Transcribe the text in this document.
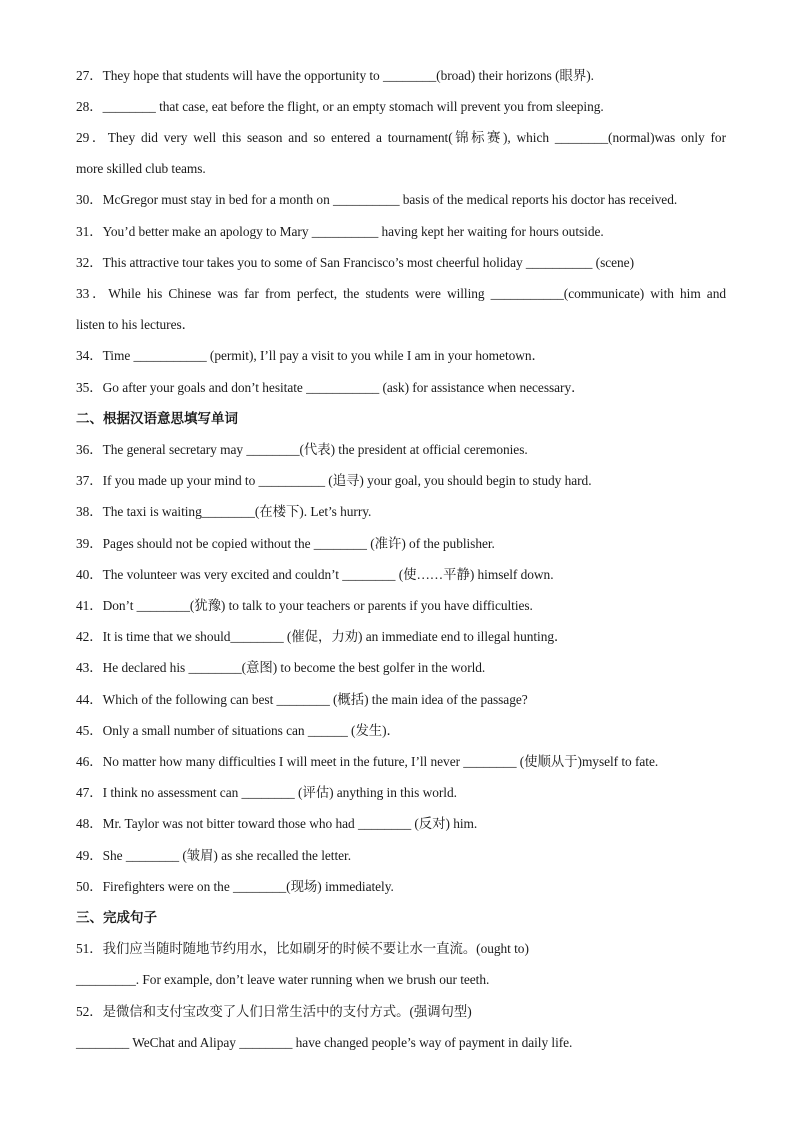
27．They hope that students will have the opportunity to ________(broad) their horizons (眼界).
28．________ that case, eat before the flight, or an empty stomach will prevent you from sleeping.
29．They did very well this season and so entered a tournament(锦标赛), which ________(normal)was only for
more skilled club teams.
30．McGregor must stay in bed for a month on __________ basis of the medical reports his doctor has received.
31．You’d better make an apology to Mary __________ having kept her waiting for hours outside.
32．This attractive tour takes you to some of San Francisco’s most cheerful holiday __________ (scene)
33．While his Chinese was far from perfect, the students were willing ___________(communicate) with him and
listen to his lectures．
34．Time ___________ (permit), I’ll pay a visit to you while I am in your hometown．
35．Go after your goals and don’t hesitate ___________ (ask) for assistance when necessary．
二、根据汉语意思填写单词
36．The general secretary may ________(代表) the president at official ceremonies.
37．If you made up your mind to __________ (追寻) your goal, you should begin to study hard.
38．The taxi is waiting________(在楼下). Let’s hurry.
39．Pages should not be copied without the ________ (准许) of the publisher.
40．The volunteer was very excited and couldn’t ________ (使……平静) himself down.
41．Don’t ________(犹豫) to talk to your teachers or parents if you have difficulties.
42．It is time that we should________ (催促，力劝) an immediate end to illegal hunting．
43．He declared his ________(意图) to become the best golfer in the world.
44．Which of the following can best ________ (概括) the main idea of the passage?
45．Only a small number of situations can ______ (发生)．
46．No matter how many difficulties I will meet in the future, I’ll never ________ (使顺从于)myself to fate.
47．I think no assessment can ________ (评估) anything in this world.
48．Mr. Taylor was not bitter toward those who had ________ (反对) him.
49．She ________ (皱眉) as she recalled the letter.
50．Firefighters were on the ________(现场) immediately.
三、完成句子
51．我们应当随时随地节约用水，比如刷牙的时候不要让水一直流。(ought to)
_________. For example, don’t leave water running when we brush our teeth.
52．是微信和支付宝改变了人们日常生活中的支付方式。(强调句型)
________ WeChat and Alipay ________ have changed people’s way of payment in daily life.
